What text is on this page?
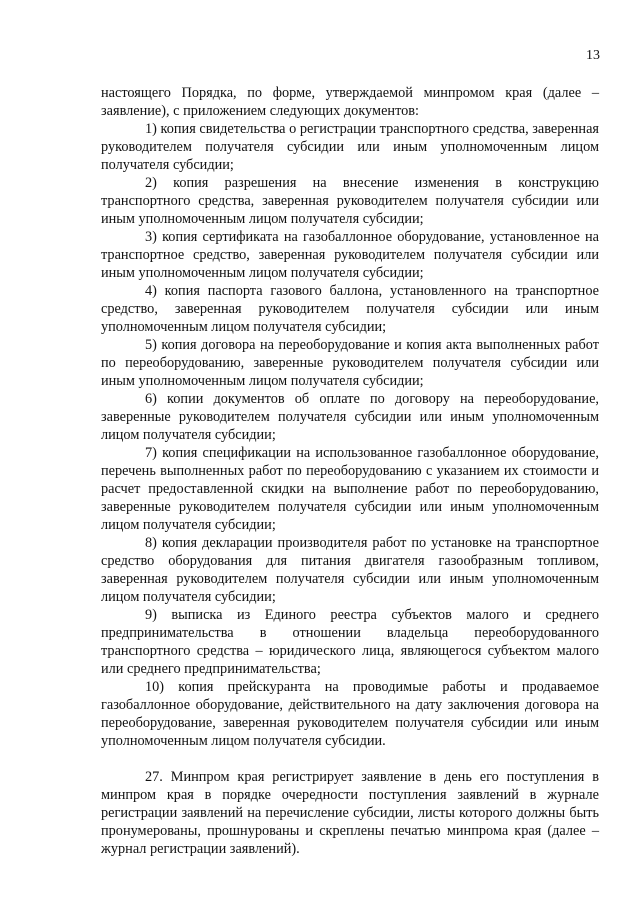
13

настоящего Порядка, по форме, утверждаемой минпромом края (далее – заявление), с приложением следующих документов:

1) копия свидетельства о регистрации транспортного средства, заверенная руководителем получателя субсидии или иным уполномоченным лицом получателя субсидии;

2) копия разрешения на внесение изменения в конструкцию транспортного средства, заверенная руководителем получателя субсидии или иным уполномоченным лицом получателя субсидии;

3) копия сертификата на газобаллонное оборудование, установленное на транспортное средство, заверенная руководителем получателя субсидии или иным уполномоченным лицом получателя субсидии;

4) копия паспорта газового баллона, установленного на транспортное средство, заверенная руководителем получателя субсидии или иным уполномоченным лицом получателя субсидии;

5) копия договора на переоборудование и копия акта выполненных работ по переоборудованию, заверенные руководителем получателя субсидии или иным уполномоченным лицом получателя субсидии;

6) копии документов об оплате по договору на переоборудование, заверенные руководителем получателя субсидии или иным уполномоченным лицом получателя субсидии;

7) копия спецификации на использованное газобаллонное оборудование, перечень выполненных работ по переоборудованию с указанием их стоимости и расчет предоставленной скидки на выполнение работ по переоборудованию, заверенные руководителем получателя субсидии или иным уполномоченным лицом получателя субсидии;

8) копия декларации производителя работ по установке на транспортное средство оборудования для питания двигателя газообразным топливом, заверенная руководителем получателя субсидии или иным уполномоченным лицом получателя субсидии;

9) выписка из Единого реестра субъектов малого и среднего предпринимательства в отношении владельца переоборудованного транспортного средства – юридического лица, являющегося субъектом малого или среднего предпринимательства;

10) копия прейскуранта на проводимые работы и продаваемое газобаллонное оборудование, действительного на дату заключения договора на переоборудование, заверенная руководителем получателя субсидии или иным уполномоченным лицом получателя субсидии.

27. Минпром края регистрирует заявление в день его поступления в минпром края в порядке очередности поступления заявлений в журнале регистрации заявлений на перечисление субсидии, листы которого должны быть пронумерованы, прошнурованы и скреплены печатью минпрома края (далее – журнал регистрации заявлений).
